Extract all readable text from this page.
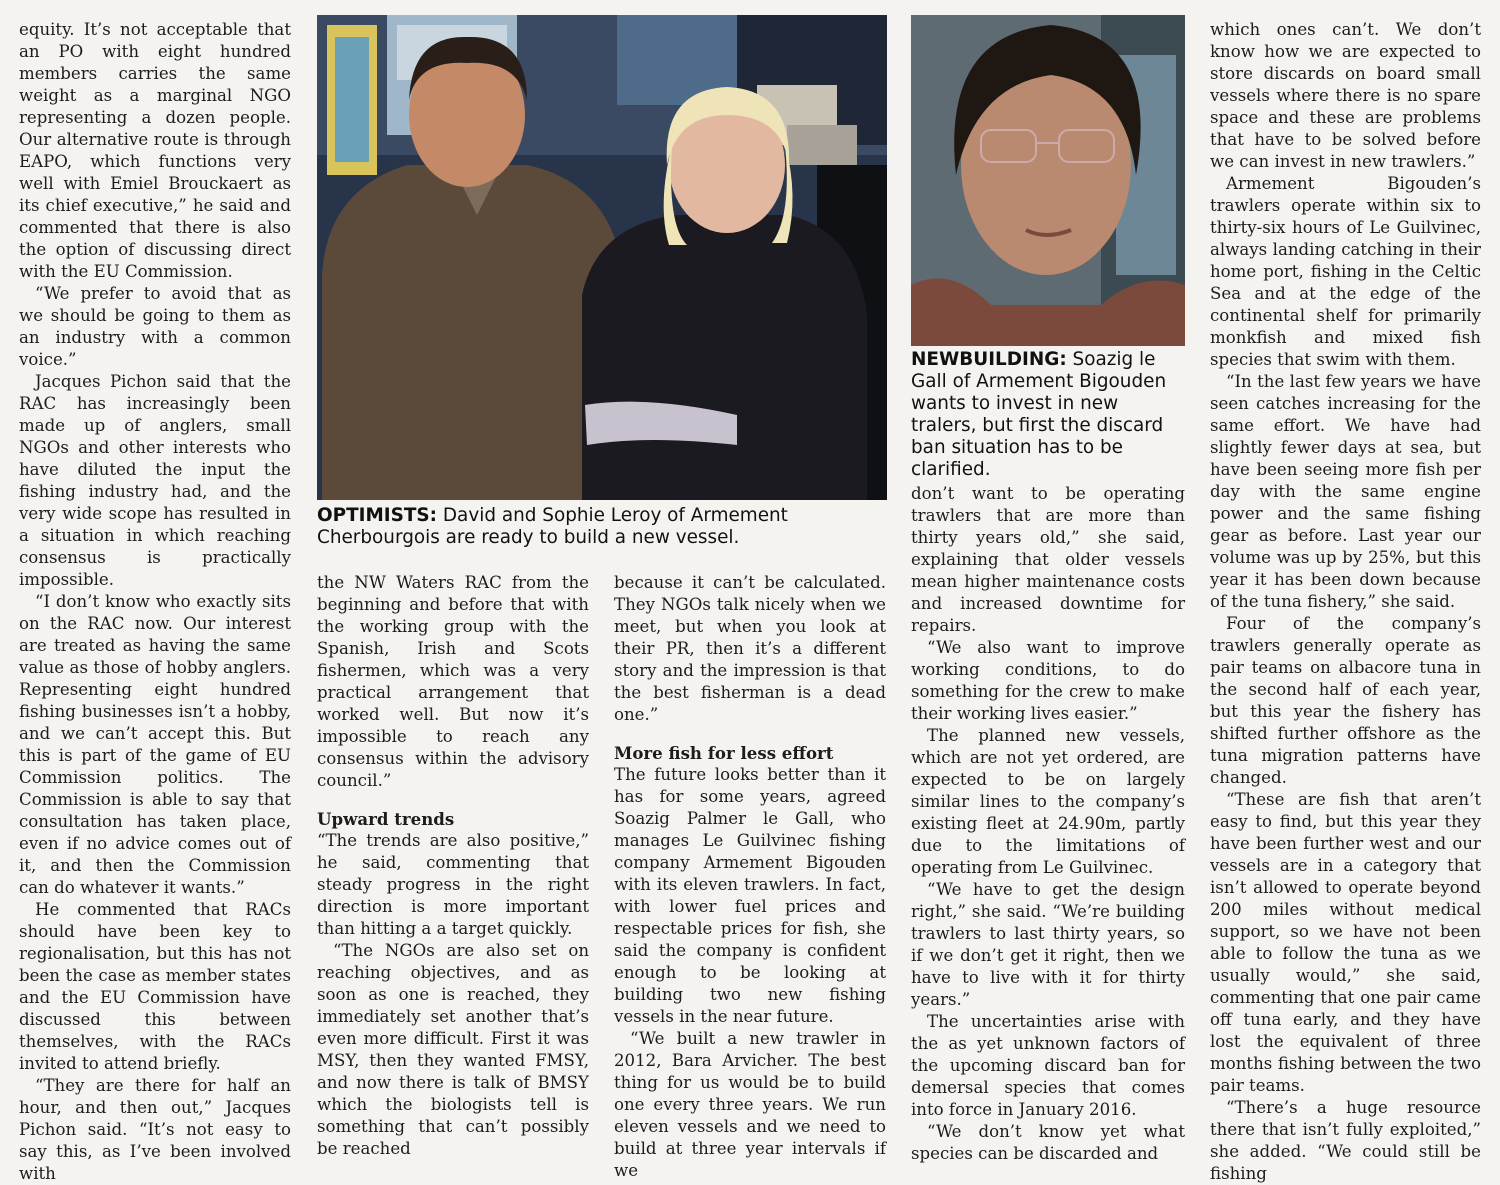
equity. It’s not acceptable that an PO with eight hundred members carries the same weight as a marginal NGO representing a dozen people. Our alternative route is through EAPO, which functions very well with Emiel Brouckaert as its chief executive,” he said and commented that there is also the option of discussing direct with the EU Commission.

“We prefer to avoid that as we should be going to them as an industry with a common voice.”

Jacques Pichon said that the RAC has increasingly been made up of anglers, small NGOs and other interests who have diluted the input the fishing industry had, and the very wide scope has resulted in a situation in which reaching consensus is practically impossible.

“I don’t know who exactly sits on the RAC now. Our interest are treated as having the same value as those of hobby anglers. Representing eight hundred fishing businesses isn’t a hobby, and we can’t accept this. But this is part of the game of EU Commission politics. The Commission is able to say that consultation has taken place, even if no advice comes out of it, and then the Commission can do whatever it wants.”

He commented that RACs should have been key to regionalisation, but this has not been the case as member states and the EU Commission have discussed this between themselves, with the RACs invited to attend briefly.

“They are there for half an hour, and then out,” Jacques Pichon said. “It’s not easy to say this, as I’ve been involved with

OPTIMISTS: David and Sophie Leroy of Armement Cherbourgois are ready to build a new vessel.

the NW Waters RAC from the beginning and before that with the working group with the Spanish, Irish and Scots fishermen, which was a very practical arrangement that worked well. But now it’s impossible to reach any consensus within the advisory council.”

Upward trends

“The trends are also positive,” he said, commenting that steady progress in the right direction is more important than hitting a a target quickly.

“The NGOs are also set on reaching objectives, and as soon as one is reached, they immediately set another that’s even more difficult. First it was MSY, then they wanted FMSY, and now there is talk of BMSY which the biologists tell is something that can’t possibly be reached

because it can’t be calculated. They NGOs talk nicely when we meet, but when you look at their PR, then it’s a different story and the impression is that the best fisherman is a dead one.”

More fish for less effort

The future looks better than it has for some years, agreed Soazig Palmer le Gall, who manages Le Guilvinec fishing company Armement Bigouden with its eleven trawlers. In fact, with lower fuel prices and respectable prices for fish, she said the company is confident enough to be looking at building two new fishing vessels in the near future.

“We built a new trawler in 2012, Bara Arvicher. The best thing for us would be to build one every three years. We run eleven vessels and we need to build at three year intervals if we

NEWBUILDING: Soazig le Gall of Armement Bigouden wants to invest in new tralers, but first the discard ban situation has to be clarified.

don’t want to be operating trawlers that are more than thirty years old,” she said, explaining that older vessels mean higher maintenance costs and increased downtime for repairs.

“We also want to improve working conditions, to do something for the crew to make their working lives easier.”

The planned new vessels, which are not yet ordered, are expected to be on largely similar lines to the company’s existing fleet at 24.90m, partly due to the limitations of operating from Le Guilvinec.

“We have to get the design right,” she said. “We’re building trawlers to last thirty years, so if we don’t get it right, then we have to live with it for thirty years.”

The uncertainties arise with the as yet unknown factors of the upcoming discard ban for demersal species that comes into force in January 2016.

“We don’t know yet what species can be discarded and

which ones can’t. We don’t know how we are expected to store discards on board small vessels where there is no spare space and these are problems that have to be solved before we can invest in new trawlers.”

Armement Bigouden’s trawlers operate within six to thirty-six hours of Le Guilvinec, always landing catching in their home port, fishing in the Celtic Sea and at the edge of the continental shelf for primarily monkfish and mixed fish species that swim with them.

“In the last few years we have seen catches increasing for the same effort. We have had slightly fewer days at sea, but have been seeing more fish per day with the same engine power and the same fishing gear as before. Last year our volume was up by 25%, but this year it has been down because of the tuna fishery,” she said.

Four of the company’s trawlers generally operate as pair teams on albacore tuna in the second half of each year, but this year the fishery has shifted further offshore as the tuna migration patterns have changed.

“These are fish that aren’t easy to find, but this year they have been further west and our vessels are in a category that isn’t allowed to operate beyond 200 miles without medical support, so we have not been able to follow the tuna as we usually would,” she said, commenting that one pair came off tuna early, and they have lost the equivalent of three months fishing between the two pair teams.

“There’s a huge resource there that isn’t fully exploited,” she added. “We could still be fishing
